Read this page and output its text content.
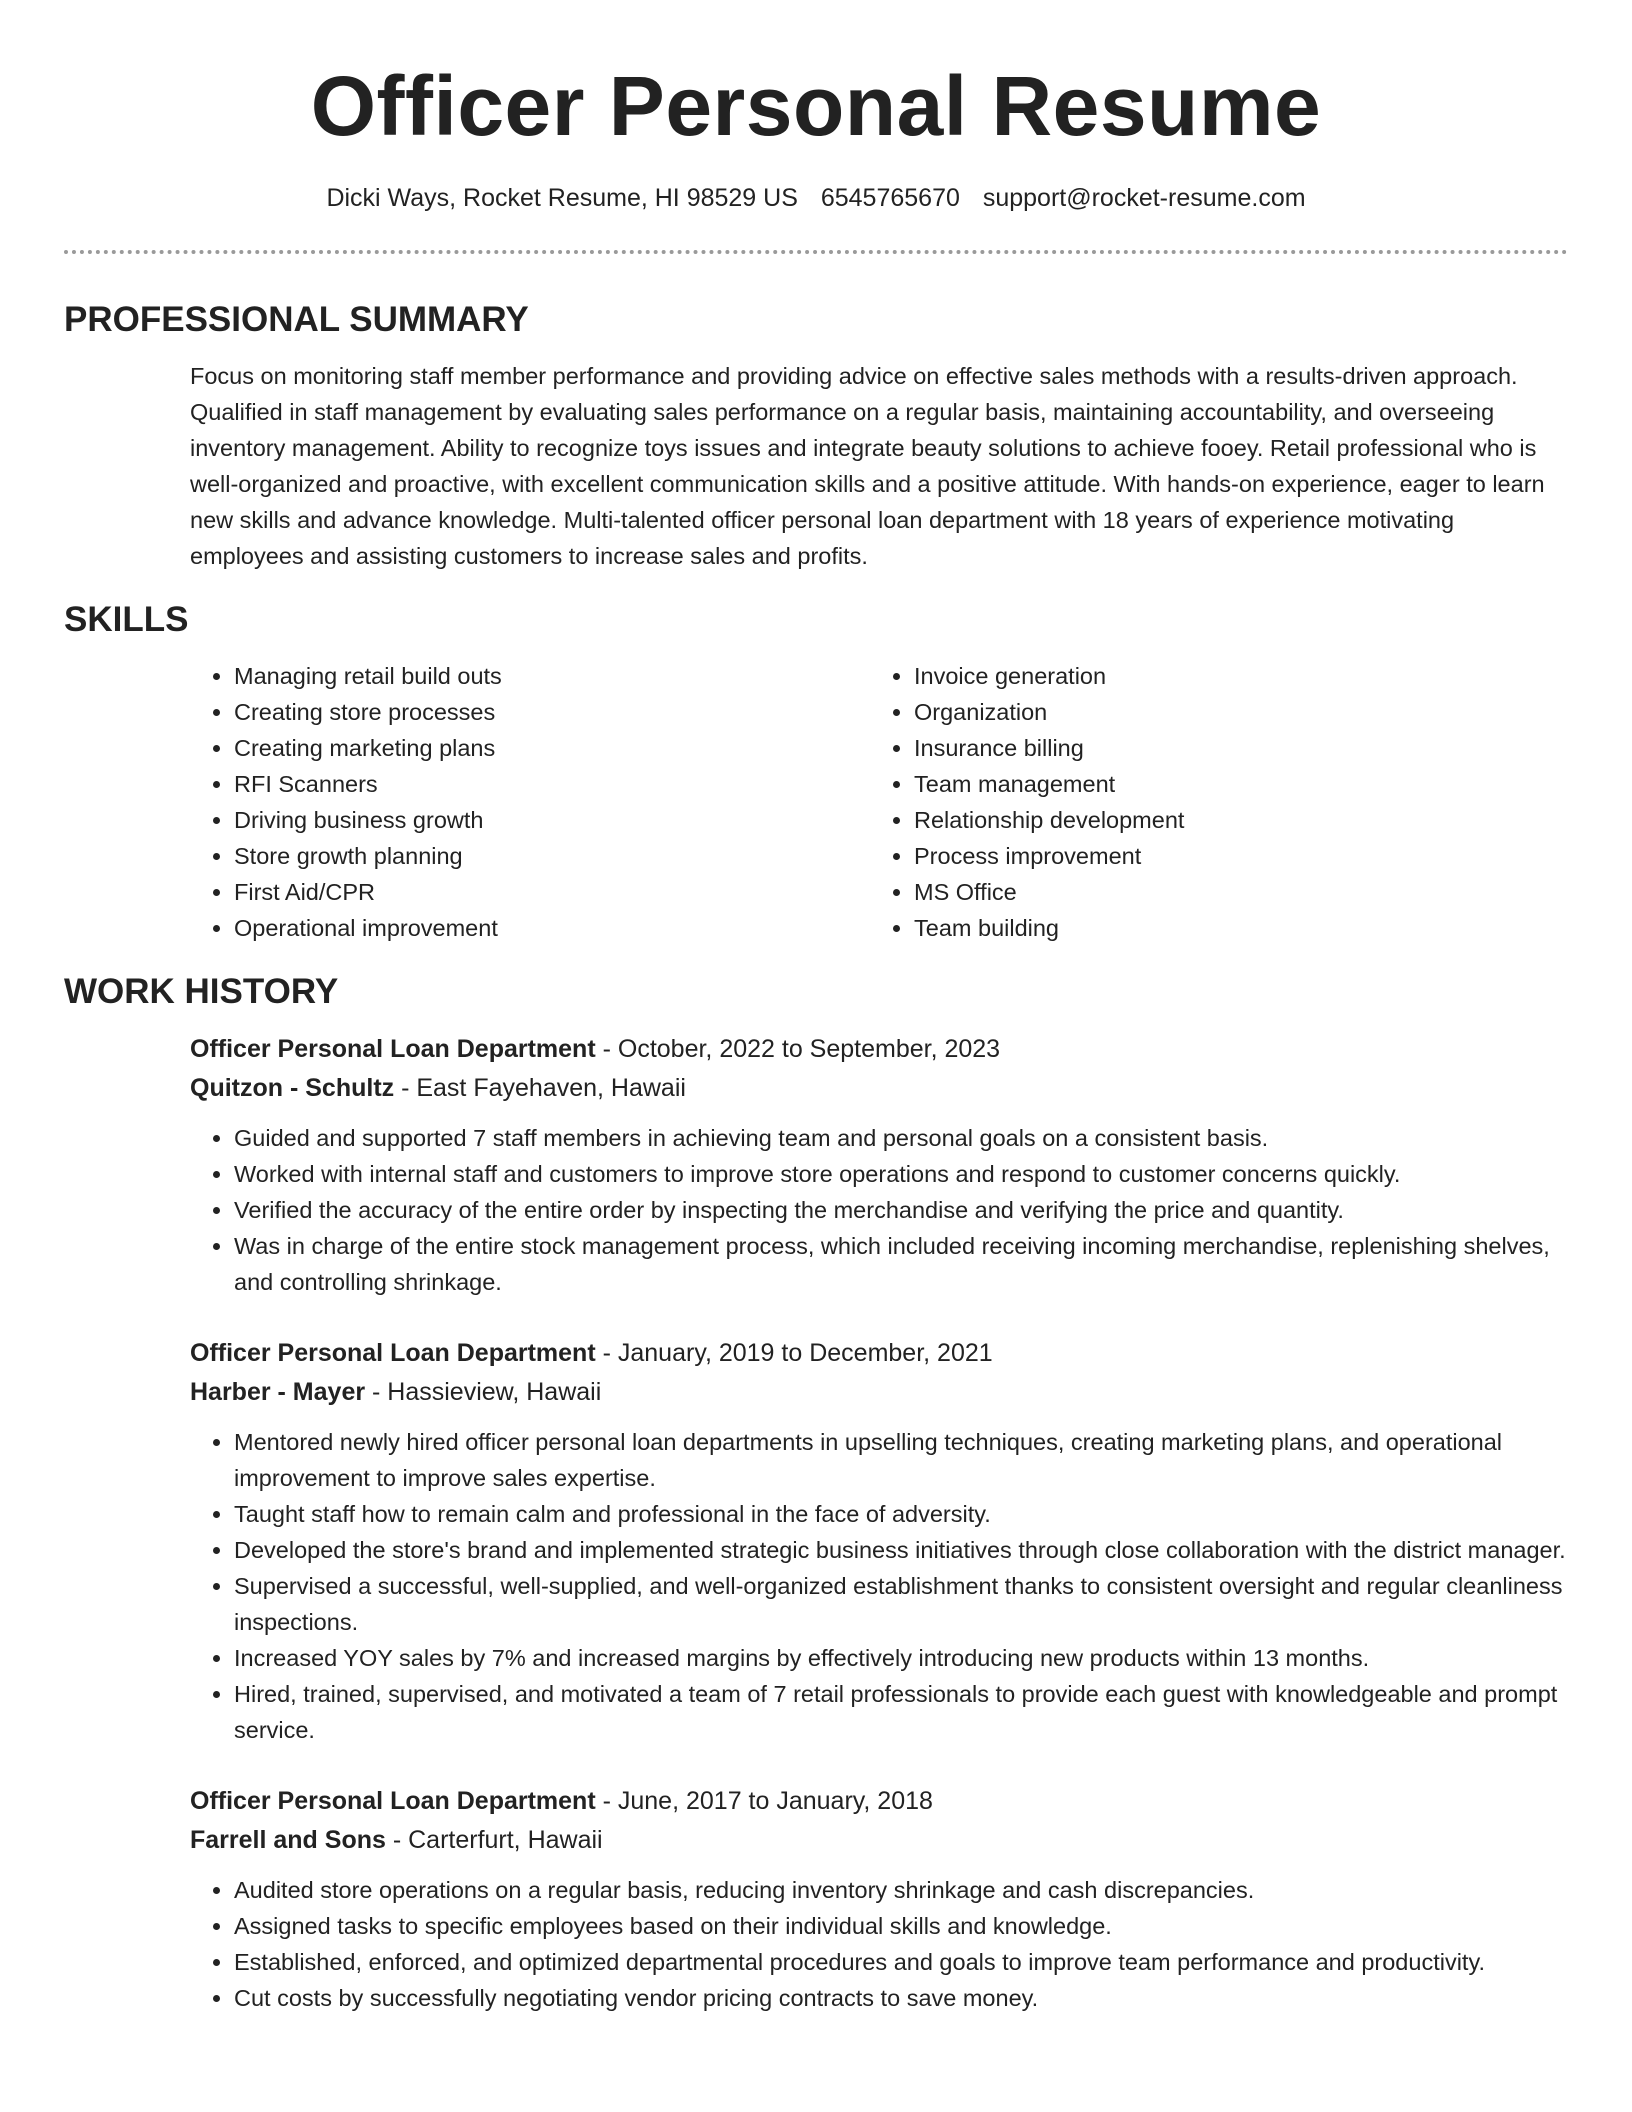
Officer Personal Resume

Dicki Ways, Rocket Resume, HI 98529 US 6545765670 support@rocket-resume.com

PROFESSIONAL SUMMARY

Focus on monitoring staff member performance and providing advice on effective sales methods with a results-driven approach. Qualified in staff management by evaluating sales performance on a regular basis, maintaining accountability, and overseeing inventory management. Ability to recognize toys issues and integrate beauty solutions to achieve fooey. Retail professional who is well-organized and proactive, with excellent communication skills and a positive attitude. With hands-on experience, eager to learn new skills and advance knowledge. Multi-talented officer personal loan department with 18 years of experience motivating employees and assisting customers to increase sales and profits.

SKILLS
• Managing retail build outs
• Creating store processes
• Creating marketing plans
• RFI Scanners
• Driving business growth
• Store growth planning
• First Aid/CPR
• Operational improvement
• Invoice generation
• Organization
• Insurance billing
• Team management
• Relationship development
• Process improvement
• MS Office
• Team building
WORK HISTORY
Officer Personal Loan Department - October, 2022 to September, 2023
Quitzon - Schultz - East Fayehaven, Hawaii
• Guided and supported 7 staff members in achieving team and personal goals on a consistent basis.
• Worked with internal staff and customers to improve store operations and respond to customer concerns quickly.
• Verified the accuracy of the entire order by inspecting the merchandise and verifying the price and quantity.
• Was in charge of the entire stock management process, which included receiving incoming merchandise, replenishing shelves, and controlling shrinkage.
Officer Personal Loan Department - January, 2019 to December, 2021
Harber - Mayer - Hassieview, Hawaii
• Mentored newly hired officer personal loan departments in upselling techniques, creating marketing plans, and operational improvement to improve sales expertise.
• Taught staff how to remain calm and professional in the face of adversity.
• Developed the store's brand and implemented strategic business initiatives through close collaboration with the district manager.
• Supervised a successful, well-supplied, and well-organized establishment thanks to consistent oversight and regular cleanliness inspections.
• Increased YOY sales by 7% and increased margins by effectively introducing new products within 13 months.
• Hired, trained, supervised, and motivated a team of 7 retail professionals to provide each guest with knowledgeable and prompt service.
Officer Personal Loan Department - June, 2017 to January, 2018
Farrell and Sons - Carterfurt, Hawaii
• Audited store operations on a regular basis, reducing inventory shrinkage and cash discrepancies.
• Assigned tasks to specific employees based on their individual skills and knowledge.
• Established, enforced, and optimized departmental procedures and goals to improve team performance and productivity.
• Cut costs by successfully negotiating vendor pricing contracts to save money.
